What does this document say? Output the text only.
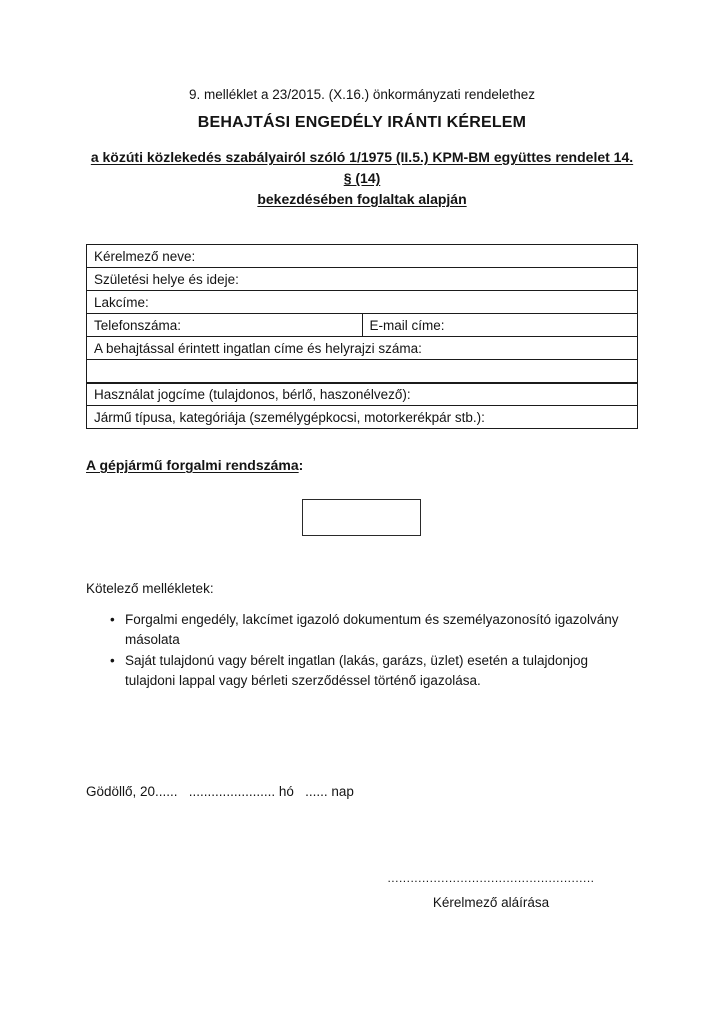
9. melléklet a 23/2015. (X.16.) önkormányzati rendelethez
BEHAJTÁSI ENGEDÉLY IRÁNTI KÉRELEM
a közúti közlekedés szabályairól szóló 1/1975 (II.5.) KPM-BM együttes rendelet 14. § (14)
bekezdésében foglaltak alapján
Kérelmező neve:
Születési helye és ideje:
Lakcíme:
Telefonszáma:	E-mail címe:
A behajtással érintett ingatlan címe és helyrajzi száma:

Használat jogcíme (tulajdonos, bérlő, haszonélvező):
Jármű típusa, kategóriája (személygépkocsi, motorkerékpár stb.):
A gépjármű forgalmi rendszáma:
Kötelező mellékletek:
•
Forgalmi engedély, lakcímet igazoló dokumentum és személyazonosító igazolvány másolata
•
Saját tulajdonú vagy bérelt ingatlan (lakás, garázs, üzlet) esetén a tulajdonjog tulajdoni lappal vagy bérleti szerződéssel történő igazolása.
Gödöllő, 20......   ....................... hó   ...... nap
......................................................
Kérelmező aláírása
